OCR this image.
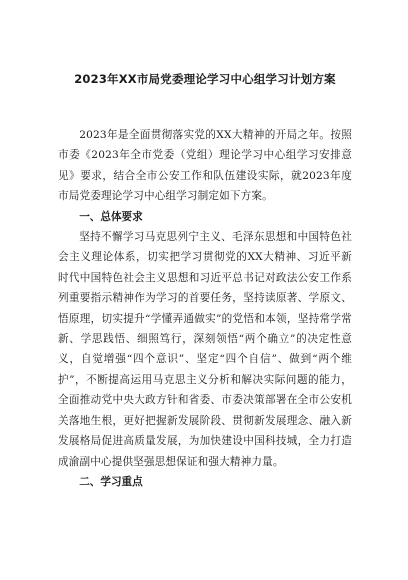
2023年XX市局党委理论学习中心组学习计划方案

2023年是全面贯彻落实党的XX大精神的开局之年。按照市委《2023年全市党委（党组）理论学习中心组学习安排意见》要求，结合全市公安工作和队伍建设实际，就2023年度市局党委理论学习中心组学习制定如下方案。

一、总体要求

坚持不懈学习马克思列宁主义、毛泽东思想和中国特色社会主义理论体系，切实把学习贯彻党的XX大精神、习近平新时代中国特色社会主义思想和习近平总书记对政法公安工作系列重要指示精神作为学习的首要任务，坚持读原著、学原文、悟原理，切实提升“学懂弄通做实”的党悟和本领，坚持常学常新、学思践悟、细照笃行，深刻领悟“两个确立”的决定性意义，自觉增强“四个意识”、坚定“四个自信”、做到“两个维护”，不断提高运用马克思主义分析和解决实际问题的能力，全面推动党中央大政方针和省委、市委决策部署在全市公安机关落地生根，更好把握新发展阶段、贯彻新发展理念、融入新发展格局促进高质量发展，为加快建设中国科技城，全力打造成渝副中心提供坚强思想保证和强大精神力量。

二、学习重点
